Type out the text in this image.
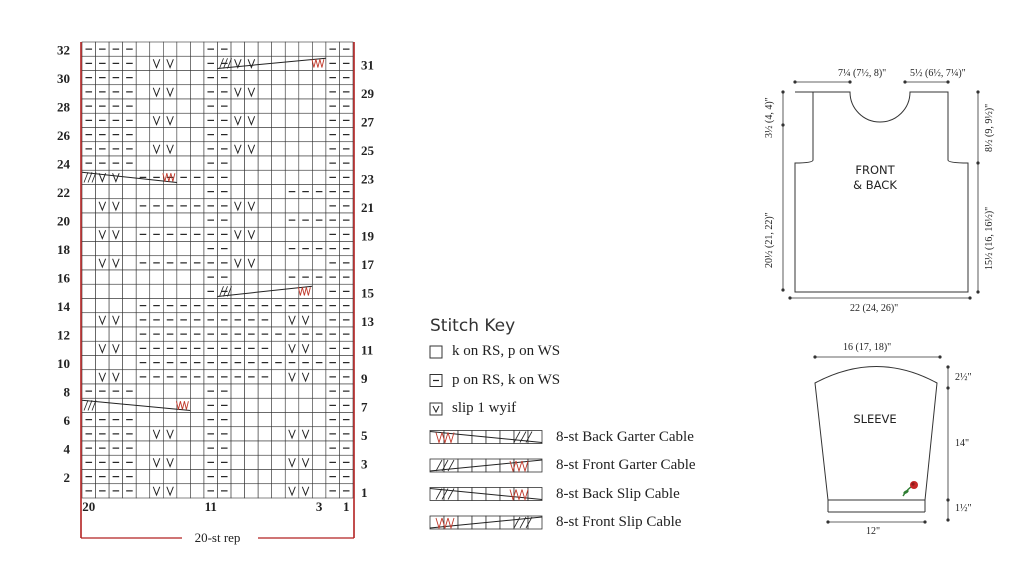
32
30
28
26
24
22
20
18
16
14
12
10
8
6
4
2
31
29
27
25
23
21
19
17
15
13
11
9
7
5
3
1
20	11	3 1
20-st rep
Stitch Key
k on RS, p on WS
p on RS, k on WS
slip 1 wyif
8-st Back Garter Cable
8-st Front Garter Cable
8-st Back Slip Cable
8-st Front Slip Cable
FRONT
& BACK
7¼ (7½, 8)" 5½ (6½, 7¼)"
3½ (4, 4)"
20½ (21, 22)"
8½ (9, 9½)"
15½ (16, 16½)"
22 (24, 26)"
SLEEVE
16 (17, 18)"
2½"
14"
1½"
12"
